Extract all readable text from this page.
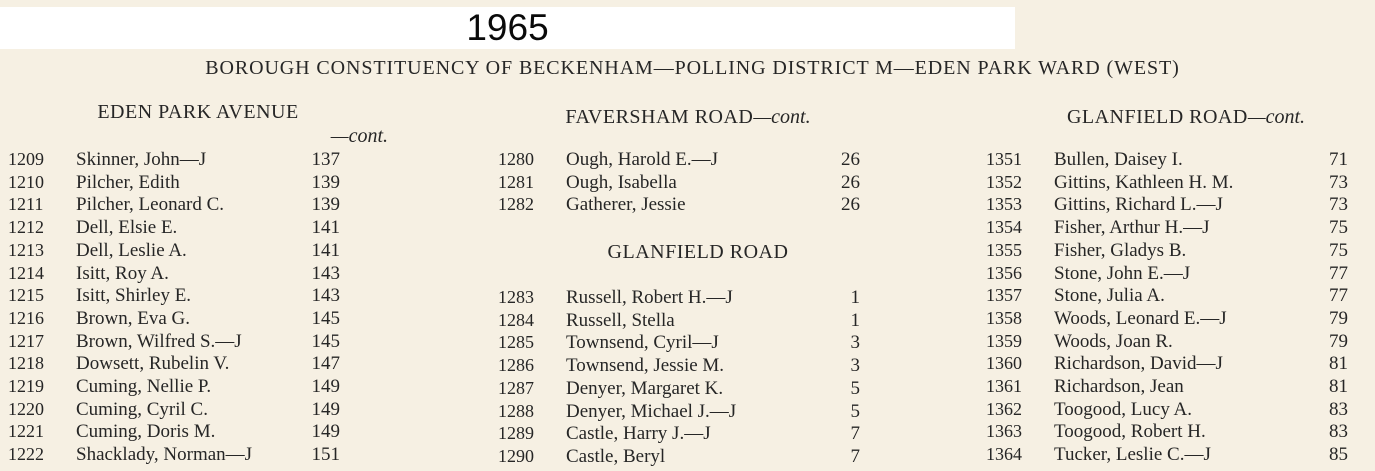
1965
BOROUGH CONSTITUENCY OF BECKENHAM—POLLING DISTRICT M—EDEN PARK WARD (WEST)
EDEN PARK AVENUE
—cont.
1209 Skinner, John—J	137
1210 Pilcher, Edith	139
1211 Pilcher, Leonard C.	139
1212 Dell, Elsie E.	141
1213 Dell, Leslie A.	141
1214 Isitt, Roy A.	143
1215 Isitt, Shirley E.	143
1216 Brown, Eva G.	145
1217 Brown, Wilfred S.—J	145
1218 Dowsett, Rubelin V.	147
1219 Cuming, Nellie P.	149
1220 Cuming, Cyril C.	149
1221 Cuming, Doris M.	149
1222 Shacklady, Norman—J	151
FAVERSHAM ROAD—cont.
1280 Ough, Harold E.—J	26
1281 Ough, Isabella	26
1282 Gatherer, Jessie	26
GLANFIELD ROAD
1283 Russell, Robert H.—J	1
1284 Russell, Stella	1
1285 Townsend, Cyril—J	3
1286 Townsend, Jessie M.	3
1287 Denyer, Margaret K.	5
1288 Denyer, Michael J.—J	5
1289 Castle, Harry J.—J	7
1290 Castle, Beryl	7
GLANFIELD ROAD—cont.
1351 Bullen, Daisey I.	71
1352 Gittins, Kathleen H. M.	73
1353 Gittins, Richard L.—J	73
1354 Fisher, Arthur H.—J	75
1355 Fisher, Gladys B.	75
1356 Stone, John E.—J	77
1357 Stone, Julia A.	77
1358 Woods, Leonard E.—J	79
1359 Woods, Joan R.	79
1360 Richardson, David—J	81
1361 Richardson, Jean	81
1362 Toogood, Lucy A.	83
1363 Toogood, Robert H.	83
1364 Tucker, Leslie C.—J	85
